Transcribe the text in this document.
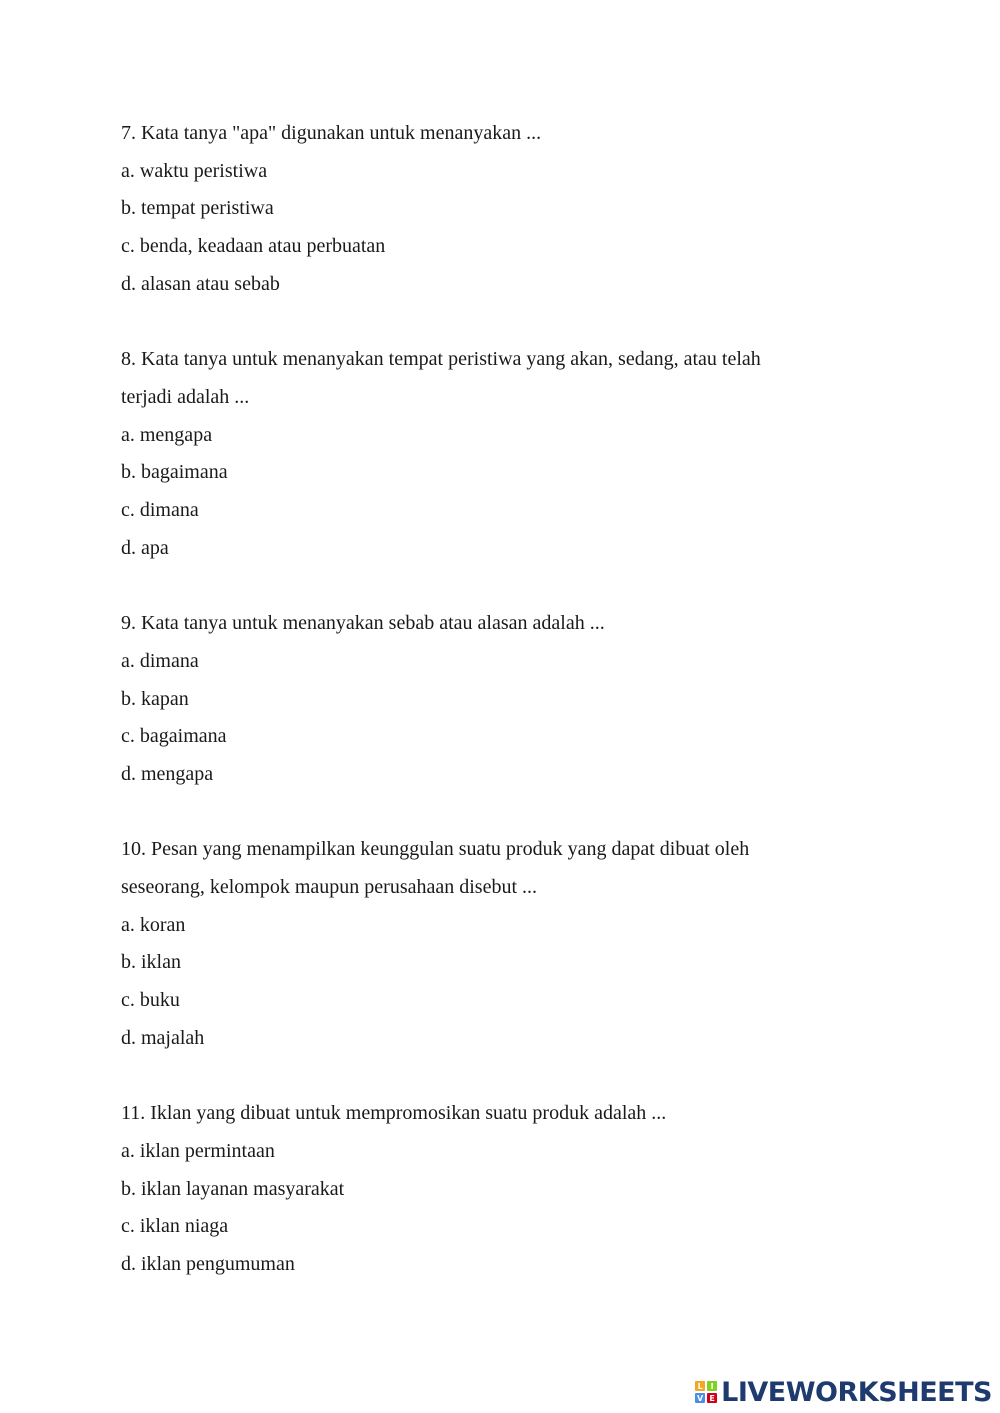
7. Kata tanya "apa" digunakan untuk menanyakan ...

a. waktu peristiwa

b. tempat peristiwa

c. benda, keadaan atau perbuatan

d. alasan atau sebab

8. Kata tanya untuk menanyakan tempat peristiwa yang akan, sedang, atau telah

terjadi adalah ...

a. mengapa

b. bagaimana

c. dimana

d. apa

9. Kata tanya untuk menanyakan sebab atau alasan adalah ...

a. dimana

b. kapan

c. bagaimana

d. mengapa

10. Pesan yang menampilkan keunggulan suatu produk yang dapat dibuat oleh

seseorang, kelompok maupun perusahaan disebut ...

a. koran

b. iklan

c. buku

d. majalah

11. Iklan yang dibuat untuk mempromosikan suatu produk adalah ...

a. iklan permintaan

b. iklan layanan masyarakat

c. iklan niaga

d. iklan pengumuman

L I
V E LIVEWORKSHEETS
